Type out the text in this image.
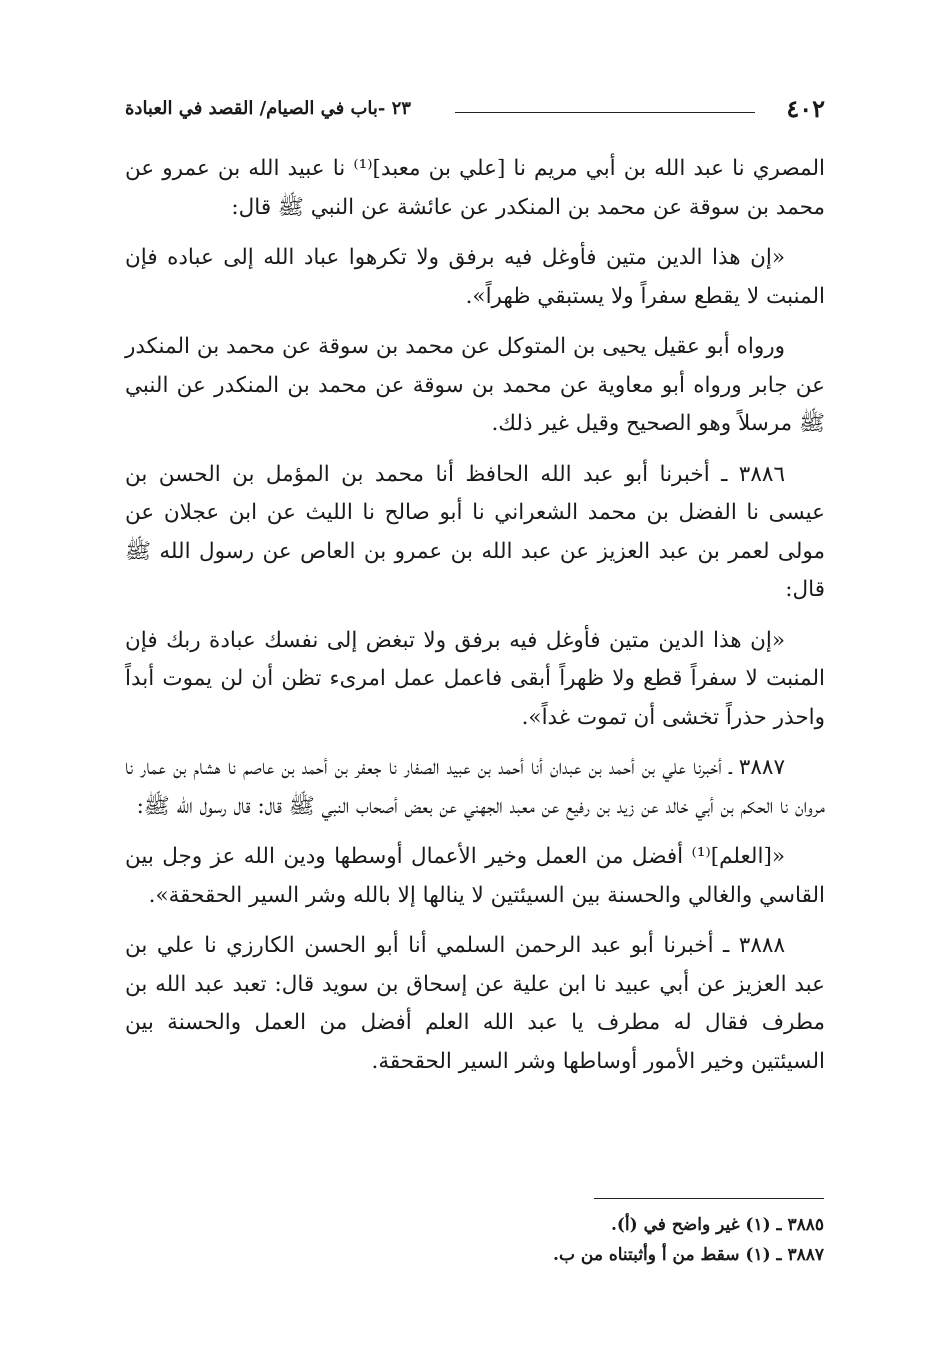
٤٠٢
٢٣ -باب في الصيام/ القصد في العبادة

المصري نا عبد الله بن أبي مريم نا [علي بن معبد]⁽¹⁾ نا عبيد الله بن عمرو عن محمد بن سوقة عن محمد بن المنكدر عن عائشة عن النبي ﷺ قال:

«إن هذا الدين متين فأوغل فيه برفق ولا تكرهوا عباد الله إلى عباده فإن المنبت لا يقطع سفراً ولا يستبقي ظهراً».

ورواه أبو عقيل يحيى بن المتوكل عن محمد بن سوقة عن محمد بن المنكدر عن جابر ورواه أبو معاوية عن محمد بن سوقة عن محمد بن المنكدر عن النبي ﷺ مرسلاً وهو الصحيح وقيل غير ذلك.

٣٨٨٦ ـ أخبرنا أبو عبد الله الحافظ أنا محمد بن المؤمل بن الحسن بن عيسى نا الفضل بن محمد الشعراني نا أبو صالح نا الليث عن ابن عجلان عن مولى لعمر بن عبد العزيز عن عبد الله بن عمرو بن العاص عن رسول الله ﷺ قال:

«إن هذا الدين متين فأوغل فيه برفق ولا تبغض إلى نفسك عبادة ربك فإن المنبت لا سفراً قطع ولا ظهراً أبقى فاعمل عمل امرىء تظن أن لن يموت أبداً واحذر حذراً تخشى أن تموت غداً».

٣٨٨٧ ـ أخبرنا علي بن أحمد بن عبدان أنا أحمد بن عبيد الصفار نا جعفر بن أحمد بن عاصم نا هشام بن عمار نا مروان نا الحكم بن أبي خالد عن زيد بن رفيع عن معبد الجهني عن بعض أصحاب النبي ﷺ قال: قال رسول الله ﷺ:

«[العلم]⁽¹⁾ أفضل من العمل وخير الأعمال أوسطها ودين الله عز وجل بين القاسي والغالي والحسنة بين السيئتين لا ينالها إلا بالله وشر السير الحقحقة».

٣٨٨٨ ـ أخبرنا أبو عبد الرحمن السلمي أنا أبو الحسن الكارزي نا علي بن عبد العزيز عن أبي عبيد نا ابن علية عن إسحاق بن سويد قال: تعبد عبد الله بن مطرف فقال له مطرف يا عبد الله العلم أفضل من العمل والحسنة بين السيئتين وخير الأمور أوساطها وشر السير الحقحقة.

٣٨٨٥ ـ (١) غير واضح في (أ).

٣٨٨٧ ـ (١) سقط من أ وأثبتناه من ب.
